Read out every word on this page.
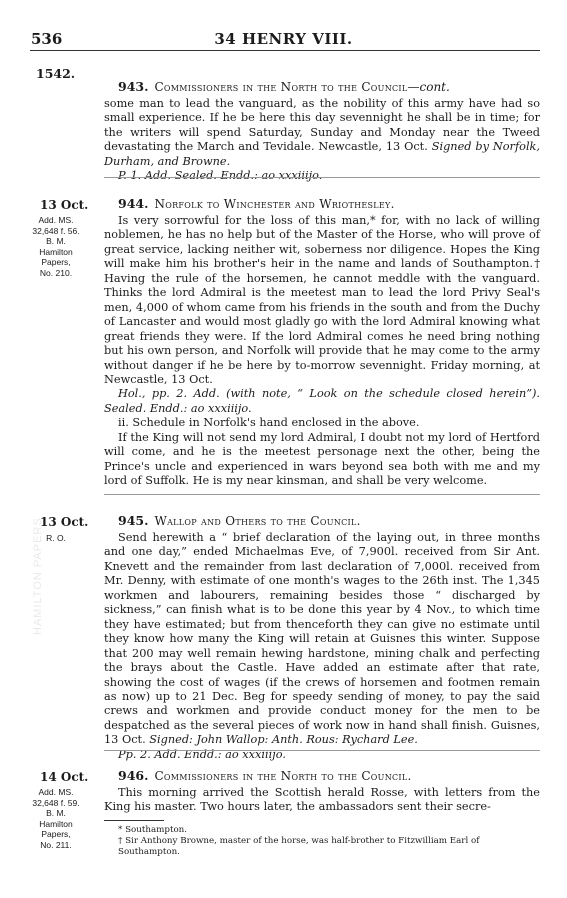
536	34 HENRY VIII.
1542.
943. Commissioners in the North to the Council—cont.

some man to lead the vanguard, as the nobility of this army have had so small experience. If he be here this day sevennight he shall be in time; for the writers will spend Saturday, Sunday and Monday near the Tweed devastating the March and Tevidale. Newcastle, 13 Oct. Signed by Norfolk, Durham, and Browne.

P. 1. Add. Sealed. Endd.: ao xxxiiijo.

13 Oct.
Add. MS.
32,648 f. 56.
B. M.
Hamilton
Papers,
No. 210.
944. Norfolk to Winchester and Wriothesley.

Is very sorrowful for the loss of this man,* for, with no lack of willing noblemen, he has no help but of the Master of the Horse, who will prove of great service, lacking neither wit, soberness nor diligence. Hopes the King will make him his brother's heir in the name and lands of Southampton.† Having the rule of the horsemen, he cannot meddle with the vanguard. Thinks the lord Admiral is the meetest man to lead the lord Privy Seal's men, 4,000 of whom came from his friends in the south and from the Duchy of Lancaster and would most gladly go with the lord Admiral knowing what great friends they were. If the lord Admiral comes he need bring nothing but his own person, and Norfolk will provide that he may come to the army without danger if he be here by to-morrow sevennight. Friday morning, at Newcastle, 13 Oct.

Hol., pp. 2. Add. (with note, “ Look on the schedule closed herein”). Sealed. Endd.: ao xxxiiijo.

ii. Schedule in Norfolk's hand enclosed in the above.

If the King will not send my lord Admiral, I doubt not my lord of Hertford will come, and he is the meetest personage next the other, being the Prince's uncle and experienced in wars beyond sea both with me and my lord of Suffolk. He is my near kinsman, and shall be very welcome.

13 Oct.
R. O.
HAMILTON PAPERS	945. Wallop and Others to the Council.

Send herewith a “ brief declaration of the laying out, in three months and one day,” ended Michaelmas Eve, of 7,900l. received from Sir Ant. Knevett and the remainder from last declaration of 7,000l. received from Mr. Denny, with estimate of one month's wages to the 26th inst. The 1,345 workmen and labourers, remaining besides those “ discharged by sickness,” can finish what is to be done this year by 4 Nov., to which time they have estimated; but from thenceforth they can give no estimate until they know how many the King will retain at Guisnes this winter. Suppose that 200 may well remain hewing hardstone, mining chalk and perfecting the brays about the Castle. Have added an estimate after that rate, showing the cost of wages (if the crews of horsemen and footmen remain as now) up to 21 Dec. Beg for speedy sending of money, to pay the said crews and workmen and provide conduct money for the men to be despatched as the several pieces of work now in hand shall finish. Guisnes, 13 Oct. Signed: John Wallop: Anth. Rous: Rychard Lee.

Pp. 2. Add. Endd.: ao xxxiiijo.

14 Oct.
Add. MS.
32,648 f. 59.
B. M.
Hamilton
Papers,
No. 211.
946. Commissioners in the North to the Council.

This morning arrived the Scottish herald Rosse, with letters from the King his master. Two hours later, the ambassadors sent their secre-

* Southampton.
† Sir Anthony Browne, master of the horse, was half-brother to Fitzwilliam Earl of Southampton.
